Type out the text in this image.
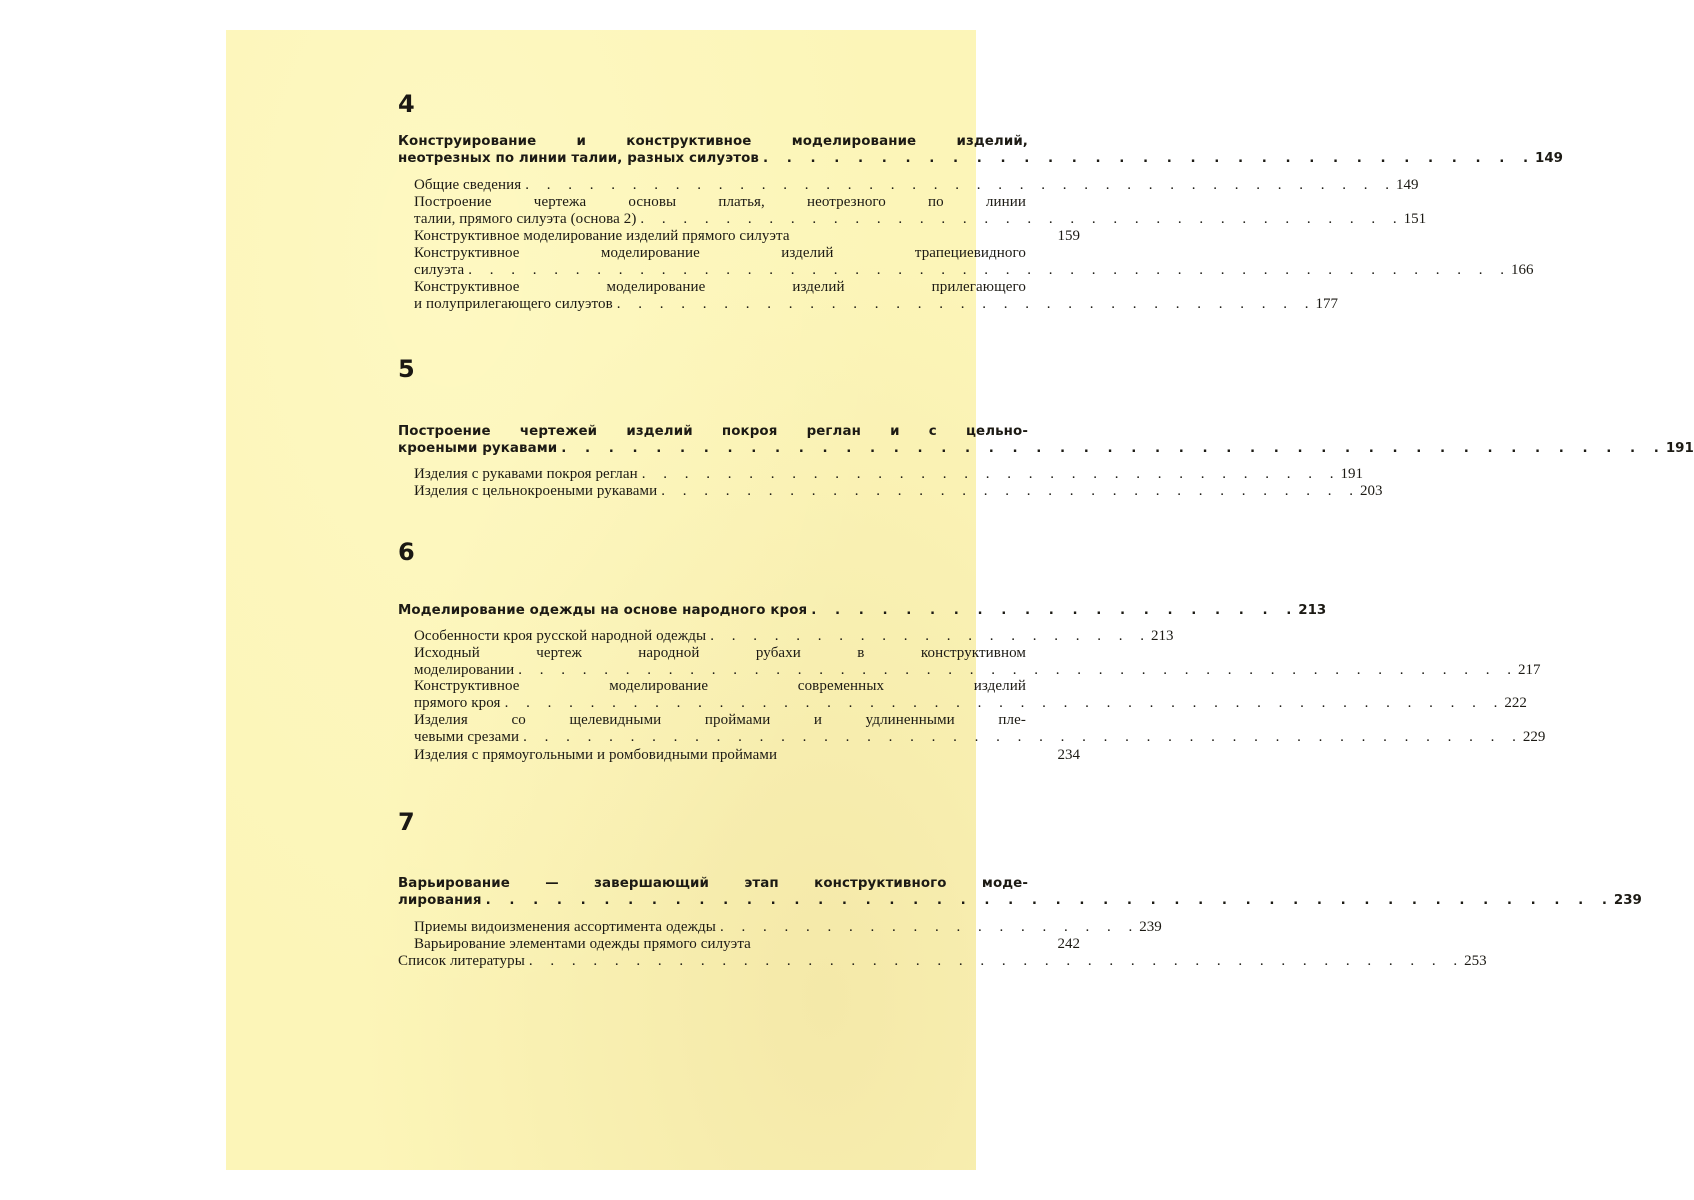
4
Конструирование и конструктивное моделирование изделий,
неотрезных по линии талии, разных силуэтов . . . . . . . . . . . . . . . . . . . . . . . . . . . . . . . . . 149
Общие сведения . . . . . . . . . . . . . . . . . . . . . . . . . . . . . . . . . . . . . . . . . 149
Построение чертежа основы платья, неотрезного по линии
талии, прямого силуэта (основа 2) . . . . . . . . . . . . . . . . . . . . . . . . . . . . . . . . . . . . 151
Конструктивное моделирование изделий прямого силуэта	159
Конструктивное моделирование изделий трапециевидного
силуэта . . . . . . . . . . . . . . . . . . . . . . . . . . . . . . . . . . . . . . . . . . . . . . . . . 166
Конструктивное моделирование изделий прилегающего
и полуприлегающего силуэтов . . . . . . . . . . . . . . . . . . . . . . . . . . . . . . . . . 177
5
Построение чертежей изделий покроя реглан и с цельно-
кроеными рукавами . . . . . . . . . . . . . . . . . . . . . . . . . . . . . . . . . . . . . . . . . . . . . . . 191
Изделия с рукавами покроя реглан . . . . . . . . . . . . . . . . . . . . . . . . . . . . . . . . . 191
Изделия с цельнокроеными рукавами . . . . . . . . . . . . . . . . . . . . . . . . . . . . . . . . . 203
6
Моделирование одежды на основе народного кроя . . . . . . . . . . . . . . . . . . . . . 213
Особенности кроя русской народной одежды . . . . . . . . . . . . . . . . . . . . . 213
Исходный чертеж народной рубахи в конструктивном
моделировании . . . . . . . . . . . . . . . . . . . . . . . . . . . . . . . . . . . . . . . . . . . . . . . 217
Конструктивное моделирование современных изделий
прямого кроя . . . . . . . . . . . . . . . . . . . . . . . . . . . . . . . . . . . . . . . . . . . . . . . 222
Изделия со щелевидными проймами и удлиненными пле-
чевыми срезами . . . . . . . . . . . . . . . . . . . . . . . . . . . . . . . . . . . . . . . . . . . . . . . 229
Изделия с прямоугольными и ромбовидными проймами	234
7
Варьирование — завершающий этап конструктивного моде-
лирования . . . . . . . . . . . . . . . . . . . . . . . . . . . . . . . . . . . . . . . . . . . . . . . . 239
Приемы видоизменения ассортимента одежды . . . . . . . . . . . . . . . . . . . . 239
Варьирование элементами одежды прямого силуэта	242
Список литературы . . . . . . . . . . . . . . . . . . . . . . . . . . . . . . . . . . . . . . . . . . . . 253
